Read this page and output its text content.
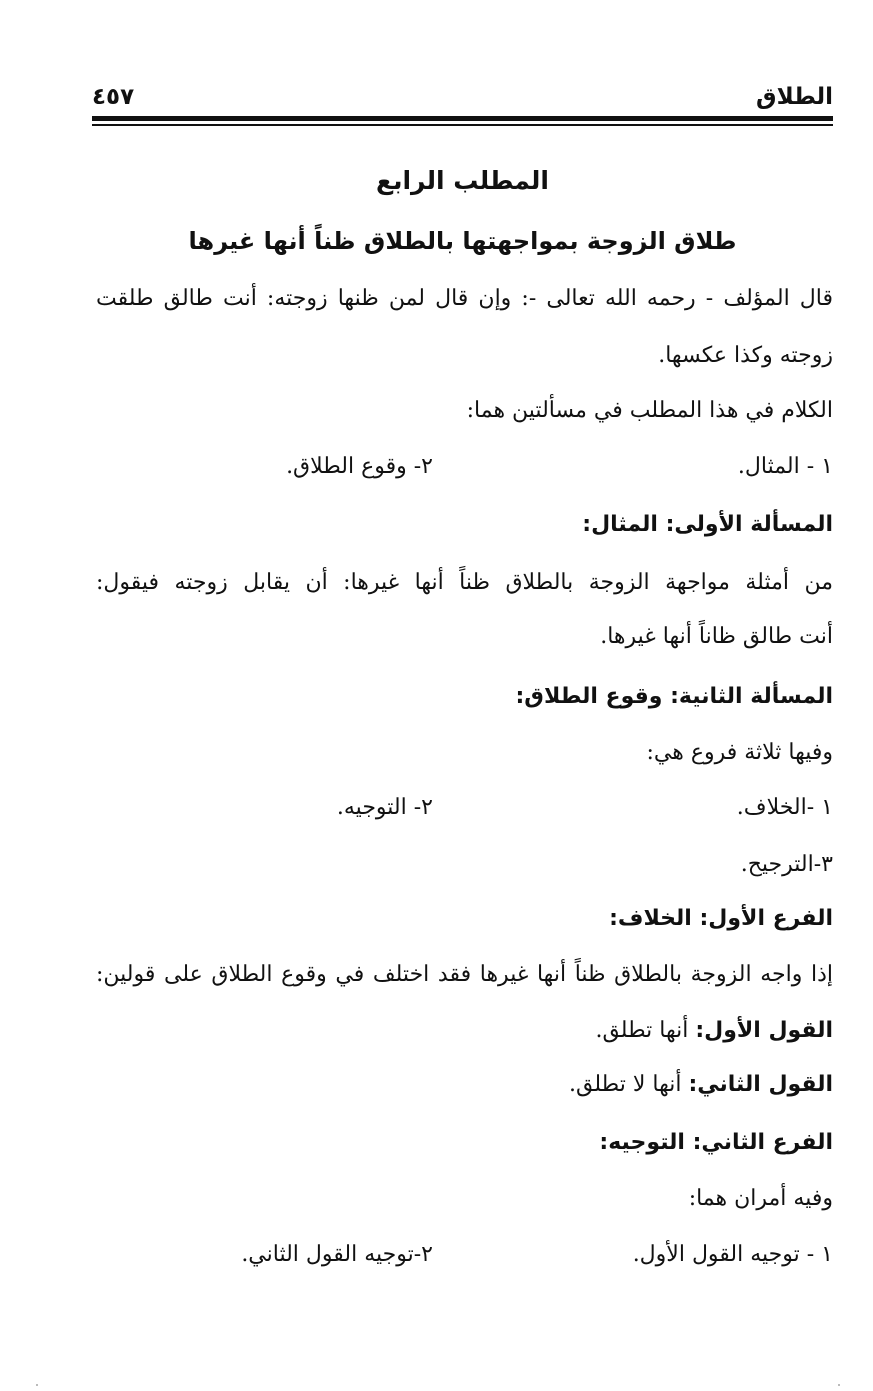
الطلاق
٤٥٧
المطلب الرابع
طلاق الزوجة بمواجهتها بالطلاق ظناً أنها غيرها
قال المؤلف - رحمه الله تعالى -: وإن قال لمن ظنها زوجته: أنت طالق طلقت
زوجته وكذا عكسها.
الكلام في هذا المطلب في مسألتين هما:
١ - المثال.
٢- وقوع الطلاق.
المسألة الأولى: المثال:
من أمثلة مواجهة الزوجة بالطلاق ظناً أنها غيرها: أن يقابل زوجته فيقول:
أنت طالق ظاناً أنها غيرها.
المسألة الثانية: وقوع الطلاق:
وفيها ثلاثة فروع هي:
١ -الخلاف.
٢- التوجيه.
٣-الترجيح.
الفرع الأول: الخلاف:
إذا واجه الزوجة بالطلاق ظناً أنها غيرها فقد اختلف في وقوع الطلاق على قولين:
القول الأول: أنها تطلق.
القول الثاني: أنها لا تطلق.
الفرع الثاني: التوجيه:
وفيه أمران هما:
١ - توجيه القول الأول.
٢-توجيه القول الثاني.
